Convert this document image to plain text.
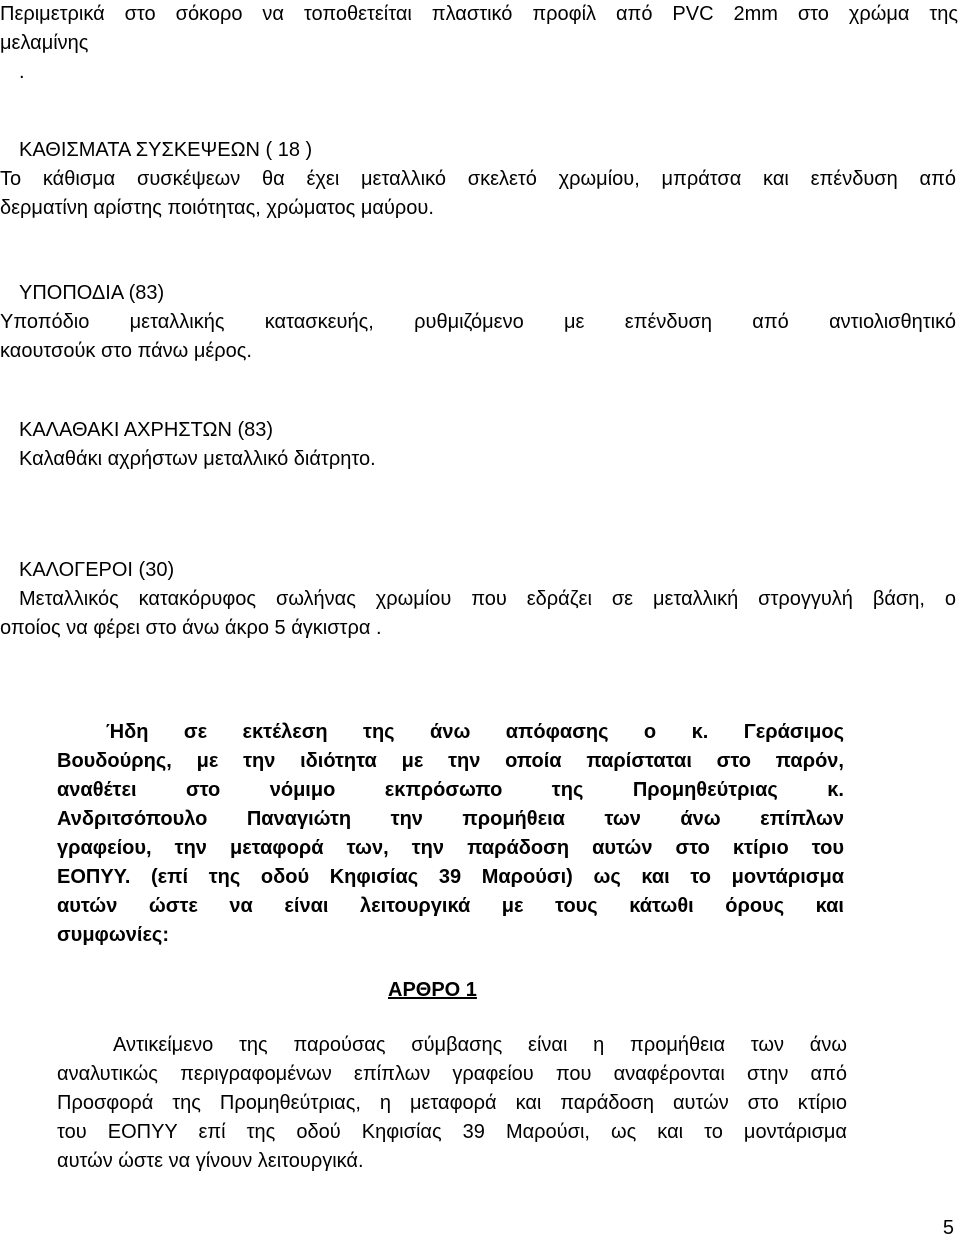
Περιμετρικά στο σόκορο να τοποθετείται πλαστικό προφίλ από PVC 2mm στο χρώμα της
μελαμίνης
.
ΚΑΘΙΣΜΑΤΑ ΣΥΣΚΕΨΕΩΝ ( 18 )
Το κάθισμα συσκέψεων θα έχει μεταλλικό σκελετό χρωμίου, μπράτσα και επένδυση από
δερματίνη αρίστης ποιότητας, χρώματος μαύρου.
ΥΠΟΠΟΔΙΑ (83)
Υποπόδιο μεταλλικής κατασκευής, ρυθμιζόμενο με επένδυση από αντιολισθητικό
καουτσούκ στο πάνω μέρος.
ΚΑΛΑΘΑΚΙ ΑΧΡΗΣΤΩΝ (83)
Καλαθάκι αχρήστων μεταλλικό διάτρητο.
ΚΑΛΟΓΕΡΟΙ (30)
Μεταλλικός κατακόρυφος σωλήνας χρωμίου που εδράζει σε μεταλλική στρογγυλή βάση, ο
οποίος να φέρει στο άνω άκρο 5 άγκιστρα .
Ήδη σε εκτέλεση της άνω απόφασης ο κ. Γεράσιμος
Βουδούρης, με την ιδιότητα με την οποία παρίσταται στο παρόν,
αναθέτει στο νόμιμο εκπρόσωπο της Προμηθεύτριας κ.
Ανδριτσόπουλο Παναγιώτη την προμήθεια των άνω επίπλων
γραφείου, την μεταφορά των, την παράδοση αυτών στο κτίριο του
ΕΟΠΥΥ. (επί της οδού Κηφισίας 39 Μαρούσι) ως και το μοντάρισμα
αυτών ώστε να είναι λειτουργικά με τους κάτωθι όρους και
συμφωνίες:
ΑΡΘΡΟ 1
Αντικείμενο της παρούσας σύμβασης είναι η προμήθεια των άνω
αναλυτικώς περιγραφομένων επίπλων γραφείου που αναφέρονται στην από
Προσφορά της Προμηθεύτριας, η μεταφορά και παράδοση αυτών στο κτίριο
του ΕΟΠΥΥ επί της οδού Κηφισίας 39 Μαρούσι, ως και το μοντάρισμα
αυτών ώστε να γίνουν λειτουργικά.
5
